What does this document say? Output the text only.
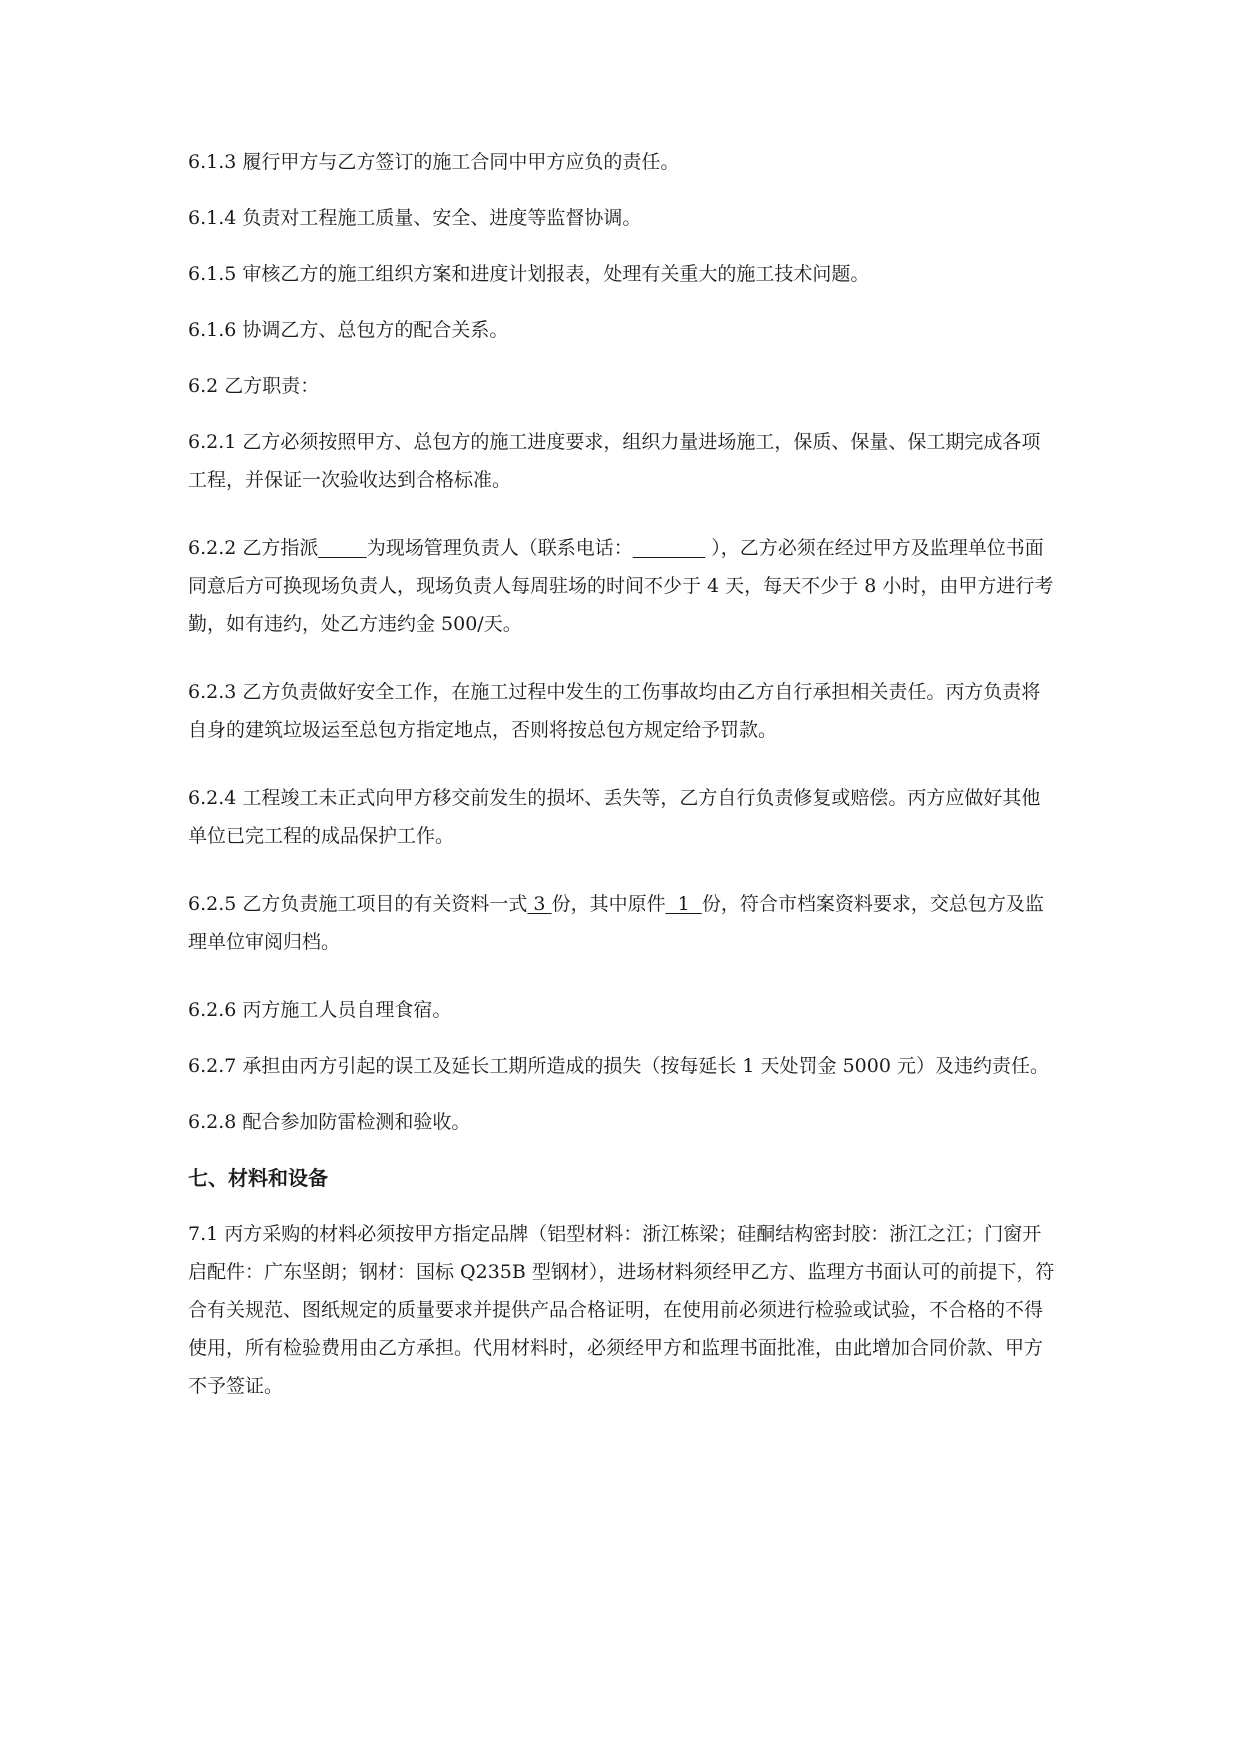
6.1.3 履行甲方与乙方签订的施工合同中甲方应负的责任。

6.1.4 负责对工程施工质量、安全、进度等监督协调。

6.1.5 审核乙方的施工组织方案和进度计划报表，处理有关重大的施工技术问题。

6.1.6 协调乙方、总包方的配合关系。

6.2 乙方职责：

6.2.1 乙方必须按照甲方、总包方的施工进度要求，组织力量进场施工，保质、保量、保工期完成各项工程，并保证一次验收达到合格标准。

6.2.2 乙方指派	为现场管理负责人（联系电话：	），乙方必须在经过甲方及监理单位书面同意后方可换现场负责人，现场负责人每周驻场的时间不少于 4 天，每天不少于 8 小时，由甲方进行考勤，如有违约，处乙方违约金 500/天。

6.2.3 乙方负责做好安全工作，在施工过程中发生的工伤事故均由乙方自行承担相关责任。丙方负责将自身的建筑垃圾运至总包方指定地点，否则将按总包方规定给予罚款。

6.2.4 工程竣工未正式向甲方移交前发生的损坏、丢失等，乙方自行负责修复或赔偿。丙方应做好其他单位已完工程的成品保护工作。

6.2.5 乙方负责施工项目的有关资料一式 3 份，其中原件  1  份，符合市档案资料要求，交总包方及监理单位审阅归档。

6.2.6 丙方施工人员自理食宿。

6.2.7 承担由丙方引起的误工及延长工期所造成的损失（按每延长 1 天处罚金 5000 元）及违约责任。

6.2.8 配合参加防雷检测和验收。

七、材料和设备

7.1 丙方采购的材料必须按甲方指定品牌（铝型材料：浙江栋梁；硅酮结构密封胶：浙江之江；门窗开启配件：广东坚朗；钢材：国标 Q235B 型钢材），进场材料须经甲乙方、监理方书面认可的前提下，符合有关规范、图纸规定的质量要求并提供产品合格证明，在使用前必须进行检验或试验，不合格的不得使用，所有检验费用由乙方承担。代用材料时，必须经甲方和监理书面批准，由此增加合同价款、甲方不予签证。
